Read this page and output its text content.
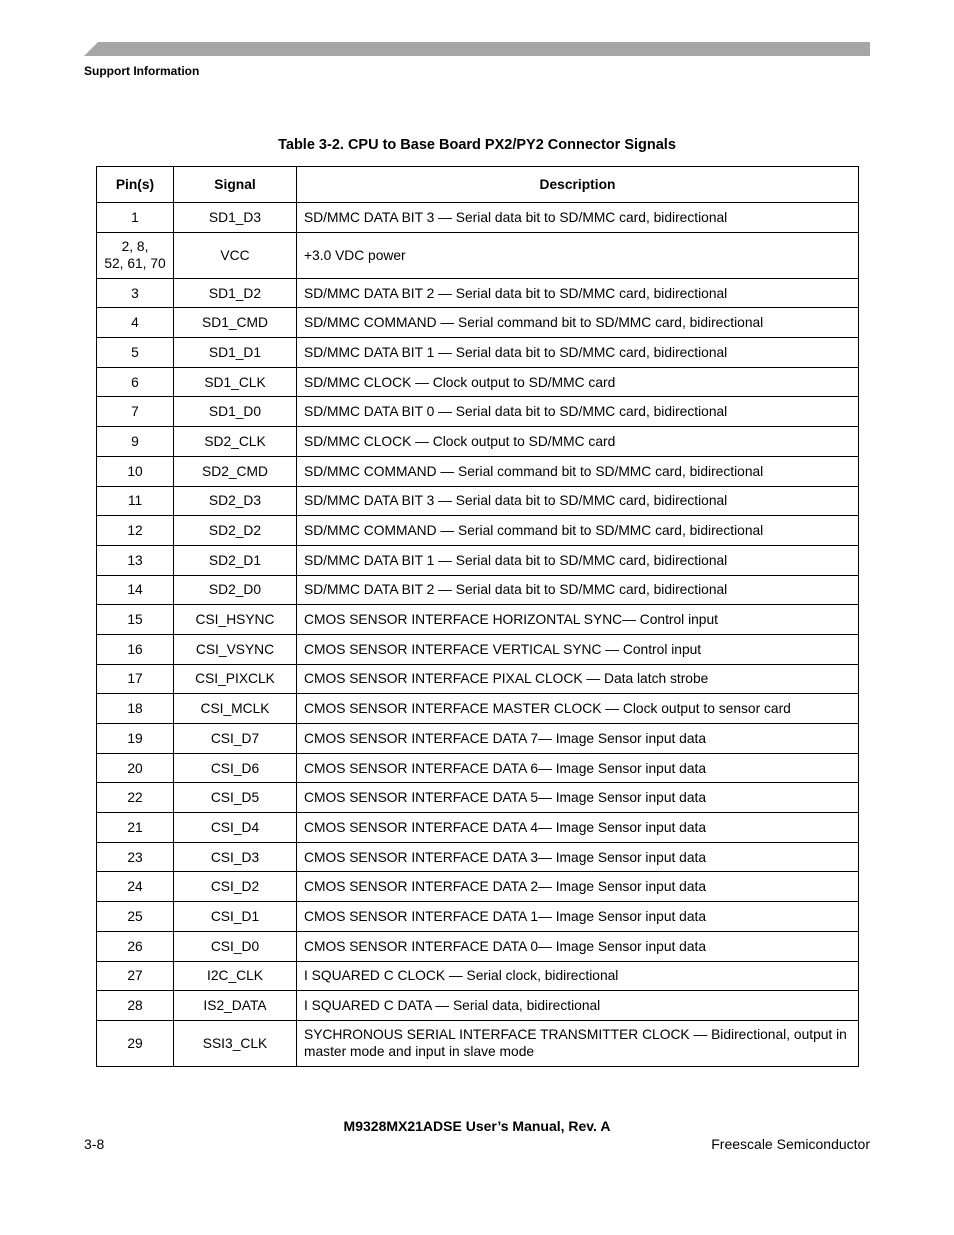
Support Information
Table 3-2. CPU to Base Board PX2/PY2 Connector Signals
Pin(s)	Signal	Description
1	SD1_D3	SD/MMC DATA BIT 3 — Serial data bit to SD/MMC card, bidirectional
2, 8,
52, 61, 70	VCC	+3.0 VDC power
3	SD1_D2	SD/MMC DATA BIT 2 — Serial data bit to SD/MMC card, bidirectional
4	SD1_CMD	SD/MMC COMMAND — Serial command bit to SD/MMC card, bidirectional
5	SD1_D1	SD/MMC DATA BIT 1 — Serial data bit to SD/MMC card, bidirectional
6	SD1_CLK	SD/MMC CLOCK — Clock output to SD/MMC card
7	SD1_D0	SD/MMC DATA BIT 0 — Serial data bit to SD/MMC card, bidirectional
9	SD2_CLK	SD/MMC CLOCK — Clock output to SD/MMC card
10	SD2_CMD	SD/MMC COMMAND — Serial command bit to SD/MMC card, bidirectional
11	SD2_D3	SD/MMC DATA BIT 3 — Serial data bit to SD/MMC card, bidirectional
12	SD2_D2	SD/MMC COMMAND — Serial command bit to SD/MMC card, bidirectional
13	SD2_D1	SD/MMC DATA BIT 1 — Serial data bit to SD/MMC card, bidirectional
14	SD2_D0	SD/MMC DATA BIT 2 — Serial data bit to SD/MMC card, bidirectional
15	CSI_HSYNC	CMOS SENSOR INTERFACE HORIZONTAL SYNC— Control input
16	CSI_VSYNC	CMOS SENSOR INTERFACE VERTICAL SYNC — Control input
17	CSI_PIXCLK	CMOS SENSOR INTERFACE PIXAL CLOCK — Data latch strobe
18	CSI_MCLK	CMOS SENSOR INTERFACE MASTER CLOCK — Clock output to sensor card
19	CSI_D7	CMOS SENSOR INTERFACE DATA 7— Image Sensor input data
20	CSI_D6	CMOS SENSOR INTERFACE DATA 6— Image Sensor input data
22	CSI_D5	CMOS SENSOR INTERFACE DATA 5— Image Sensor input data
21	CSI_D4	CMOS SENSOR INTERFACE DATA 4— Image Sensor input data
23	CSI_D3	CMOS SENSOR INTERFACE DATA 3— Image Sensor input data
24	CSI_D2	CMOS SENSOR INTERFACE DATA 2— Image Sensor input data
25	CSI_D1	CMOS SENSOR INTERFACE DATA 1— Image Sensor input data
26	CSI_D0	CMOS SENSOR INTERFACE DATA 0— Image Sensor input data
27	I2C_CLK	I SQUARED C CLOCK — Serial clock, bidirectional
28	IS2_DATA	I SQUARED C DATA — Serial data, bidirectional
29	SSI3_CLK	SYCHRONOUS SERIAL INTERFACE TRANSMITTER CLOCK — Bidirectional, output in master mode and input in slave mode
M9328MX21ADSE User’s Manual, Rev. A
3-8	Freescale Semiconductor
